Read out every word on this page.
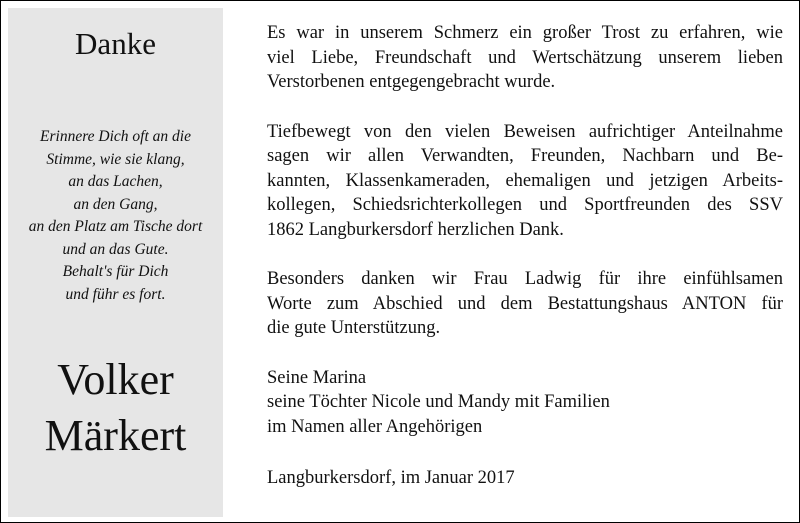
Danke
Erinnere Dich oft an die
Stimme, wie sie klang,
an das Lachen,
an den Gang,
an den Platz am Tische dort
und an das Gute.
Behalt's für Dich
und führ es fort.
Volker
Märkert
Es war in unserem Schmerz ein großer Trost zu erfahren, wie
viel Liebe, Freundschaft und Wertschätzung unserem lieben
Verstorbenen entgegengebracht wurde.
Tiefbewegt von den vielen Beweisen aufrichtiger Anteilnahme
sagen wir allen Verwandten, Freunden, Nachbarn und Be-
kannten, Klassenkameraden, ehemaligen und jetzigen Arbeits-
kollegen, Schiedsrichterkollegen und Sportfreunden des SSV
1862 Langburkersdorf herzlichen Dank.
Besonders danken wir Frau Ladwig für ihre einfühlsamen
Worte zum Abschied und dem Bestattungshaus ANTON für
die gute Unterstützung.
Seine Marina
seine Töchter Nicole und Mandy mit Familien
im Namen aller Angehörigen
Langburkersdorf, im Januar 2017
